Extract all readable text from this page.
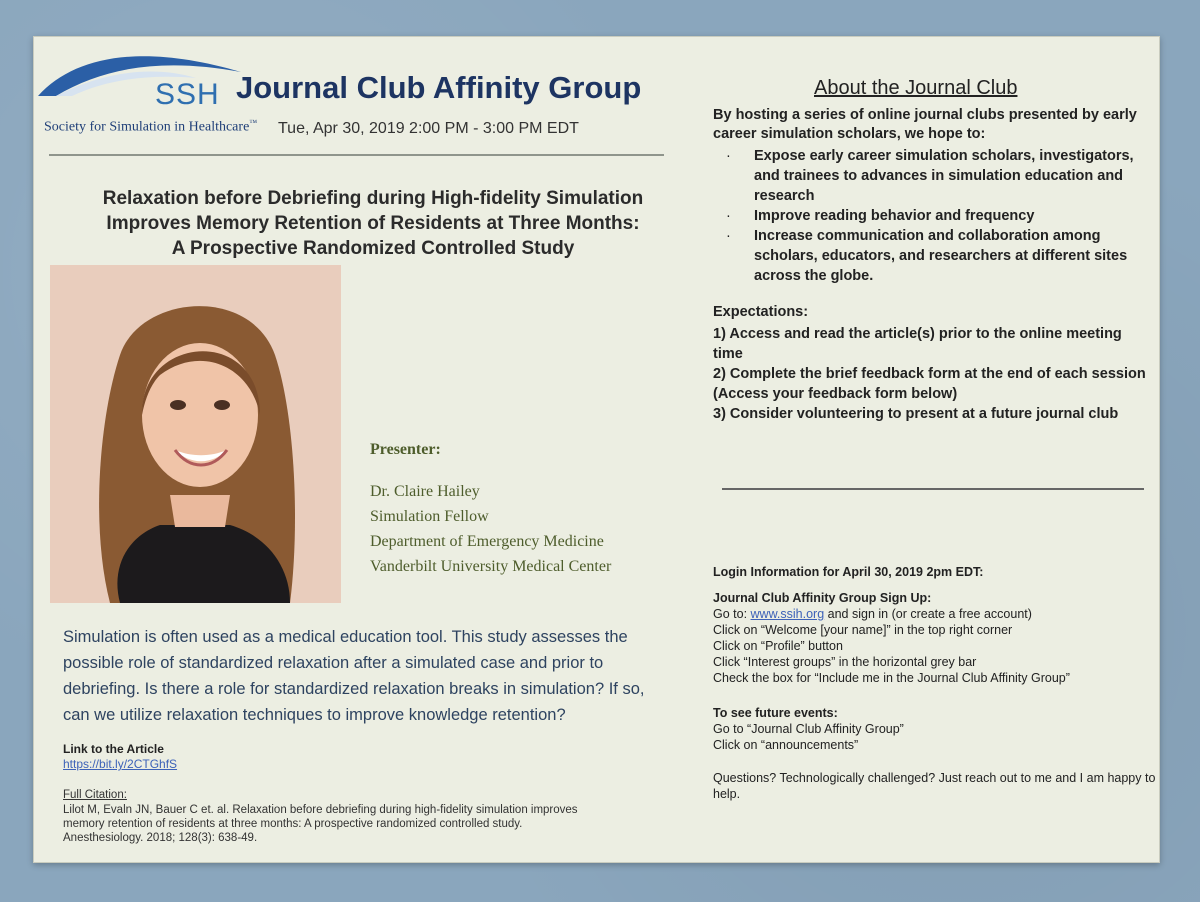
SSH
Society for Simulation in Healthcare™
Journal Club Affinity Group
Tue, Apr 30, 2019 2:00 PM - 3:00 PM EDT
Relaxation before Debriefing during High-fidelity Simulation
Improves Memory Retention of Residents at Three Months:
A Prospective Randomized Controlled Study
Presenter:
Dr. Claire Hailey
Simulation Fellow
Department of Emergency Medicine
Vanderbilt University Medical Center
Simulation is often used as a medical education tool. This study assesses the possible role of standardized relaxation after a simulated case and prior to debriefing. Is there a role for standardized relaxation breaks in simulation? If so, can we utilize relaxation techniques to improve knowledge retention?
Link to the Article
https://bit.ly/2CTGhfS
Full Citation:
Lilot M, Evaln JN, Bauer C et. al. Relaxation before debriefing during high-fidelity simulation improves
memory retention of residents at three months: A prospective randomized controlled study.
Anesthesiology. 2018; 128(3): 638-49.
About the Journal Club
By hosting a series of online journal clubs presented by early career simulation scholars, we hope to:
· Expose early career simulation scholars, investigators, and trainees to advances in simulation education and research
· Improve reading behavior and frequency
· Increase communication and collaboration among scholars, educators, and researchers at different sites across the globe.
Expectations:
1) Access and read the article(s) prior to the online meeting time
2) Complete the brief feedback form at the end of each session (Access your feedback form below)
3) Consider volunteering to present at a future journal club
Login Information for April 30, 2019 2pm EDT:
Journal Club Affinity Group Sign Up:
Go to: www.ssih.org and sign in (or create a free account)
Click on “Welcome [your name]” in the top right corner
Click on “Profile” button
Click “Interest groups” in the horizontal grey bar
Check the box for “Include me in the Journal Club Affinity Group”
To see future events:
Go to “Journal Club Affinity Group”
Click on “announcements”
Questions? Technologically challenged? Just reach out to me and I am happy to help.
